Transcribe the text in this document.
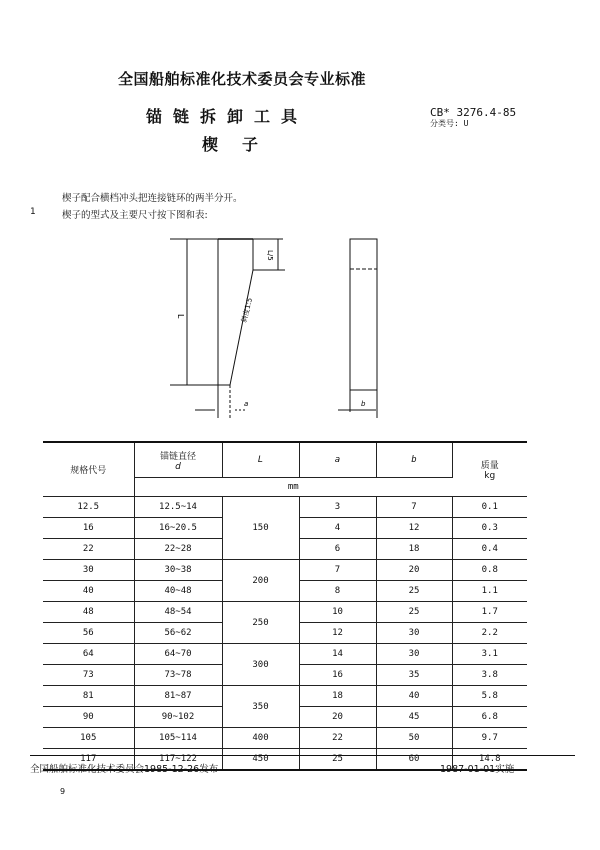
全国船舶标准化技术委员会专业标准
锚链拆卸工具
楔子
CB* 3276.4-85
分类号: U
楔子配合横档冲头把连接链环的两半分开。
1	楔子的型式及主要尺寸按下图和表:
L
L/5
斜度1:5
a	b
规格代号	
锚链直径
d
	L	a	b	
质量
kg

	mm				
12.5	12.5~14	150	3	7	0.1
16	16~20.5		4	12	0.3
22	22~28		6	18	0.4
30	30~38	200	7	20	0.8
40	40~48		8	25	1.1
48	48~54	250	10	25	1.7
56	56~62		12	30	2.2
64	64~70	300	14	30	3.1
73	73~78		16	35	3.8
81	81~87	350	18	40	5.8
90	90~102		20	45	6.8
105	105~114	400	22	50	9.7
117	117~122	450	25	60	14.8
全国船舶标准化技术委员会1985-12-26发布	1987-01-01实施
9
